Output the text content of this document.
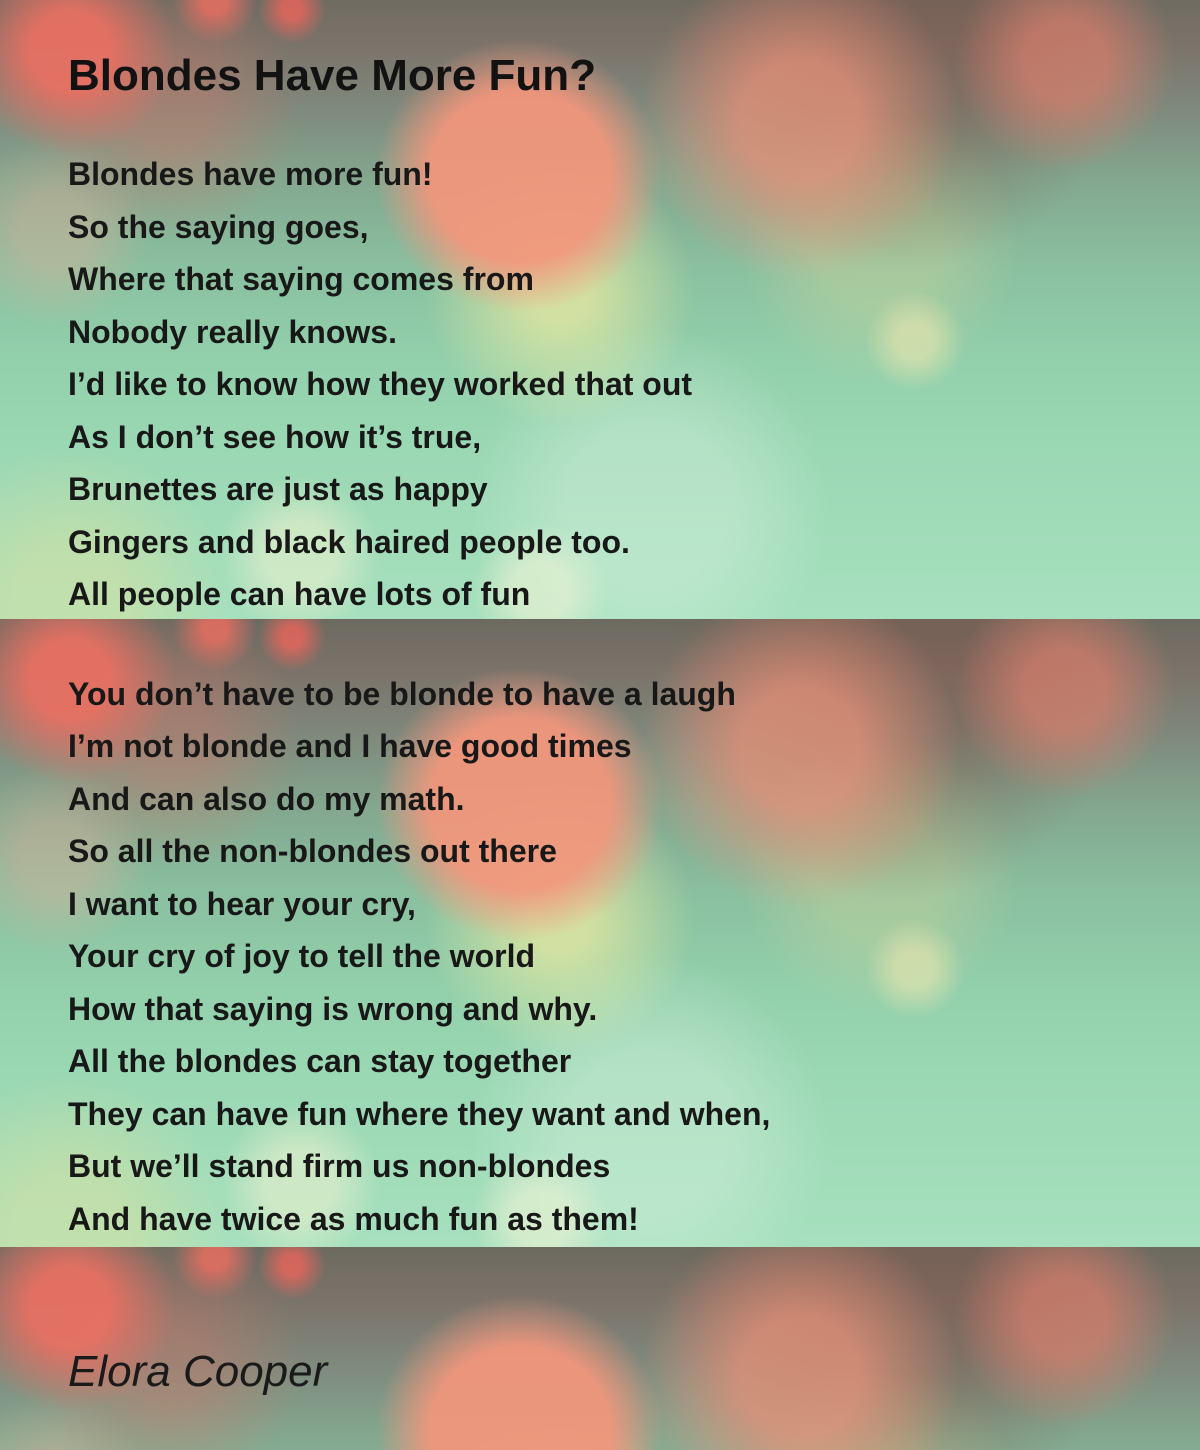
Blondes Have More Fun?

Blondes have more fun!

So the saying goes,

Where that saying comes from

Nobody really knows.

I’d like to know how they worked that out

As I don’t see how it’s true,

Brunettes are just as happy

Gingers and black haired people too.

All people can have lots of fun

You don’t have to be blonde to have a laugh

I’m not blonde and I have good times

And can also do my math.

So all the non-blondes out there

I want to hear your cry,

Your cry of joy to tell the world

How that saying is wrong and why.

All the blondes can stay together

They can have fun where they want and when,

But we’ll stand firm us non-blondes

And have twice as much fun as them!

Elora Cooper
